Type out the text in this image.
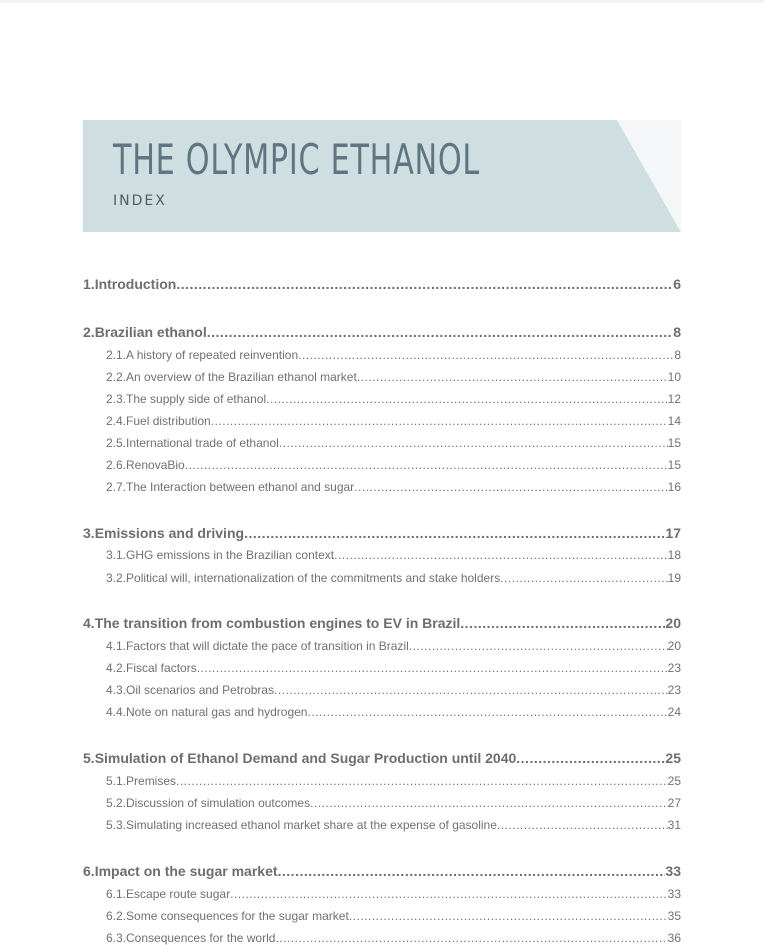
THE OLYMPIC ETHANOL
INDEX
1. Introduction .....	6
2. Brazilian ethanol .....	8
2.1. A history of repeated reinvention .....	8
2.2. An overview of the Brazilian ethanol market .....	10
2.3. The supply side of ethanol .....	12
2.4. Fuel distribution .....	14
2.5. International trade of ethanol .....	15
2.6. RenovaBio .....	15
2.7. The Interaction between ethanol and sugar .....	16
3. Emissions and driving .....	17
3.1. GHG emissions in the Brazilian context .....	18
3.2. Political will, internationalization of the commitments and stake holders .....	19
4. The transition from combustion engines to EV in Brazil .....	20
4.1. Factors that will dictate the pace of transition in Brazil .....	20
4.2. Fiscal factors .....	23
4.3. Oil scenarios and Petrobras .....	23
4.4. Note on natural gas and hydrogen .....	24
5. Simulation of Ethanol Demand and Sugar Production until 2040 .....	25
5.1. Premises .....	25
5.2. Discussion of simulation outcomes .....	27
5.3. Simulating increased ethanol market share at the expense of gasoline .....	31
6. Impact on the sugar market .....	33
6.1. Escape route sugar .....	33
6.2. Some consequences for the sugar market .....	35
6.3. Consequences for the world .....	36
